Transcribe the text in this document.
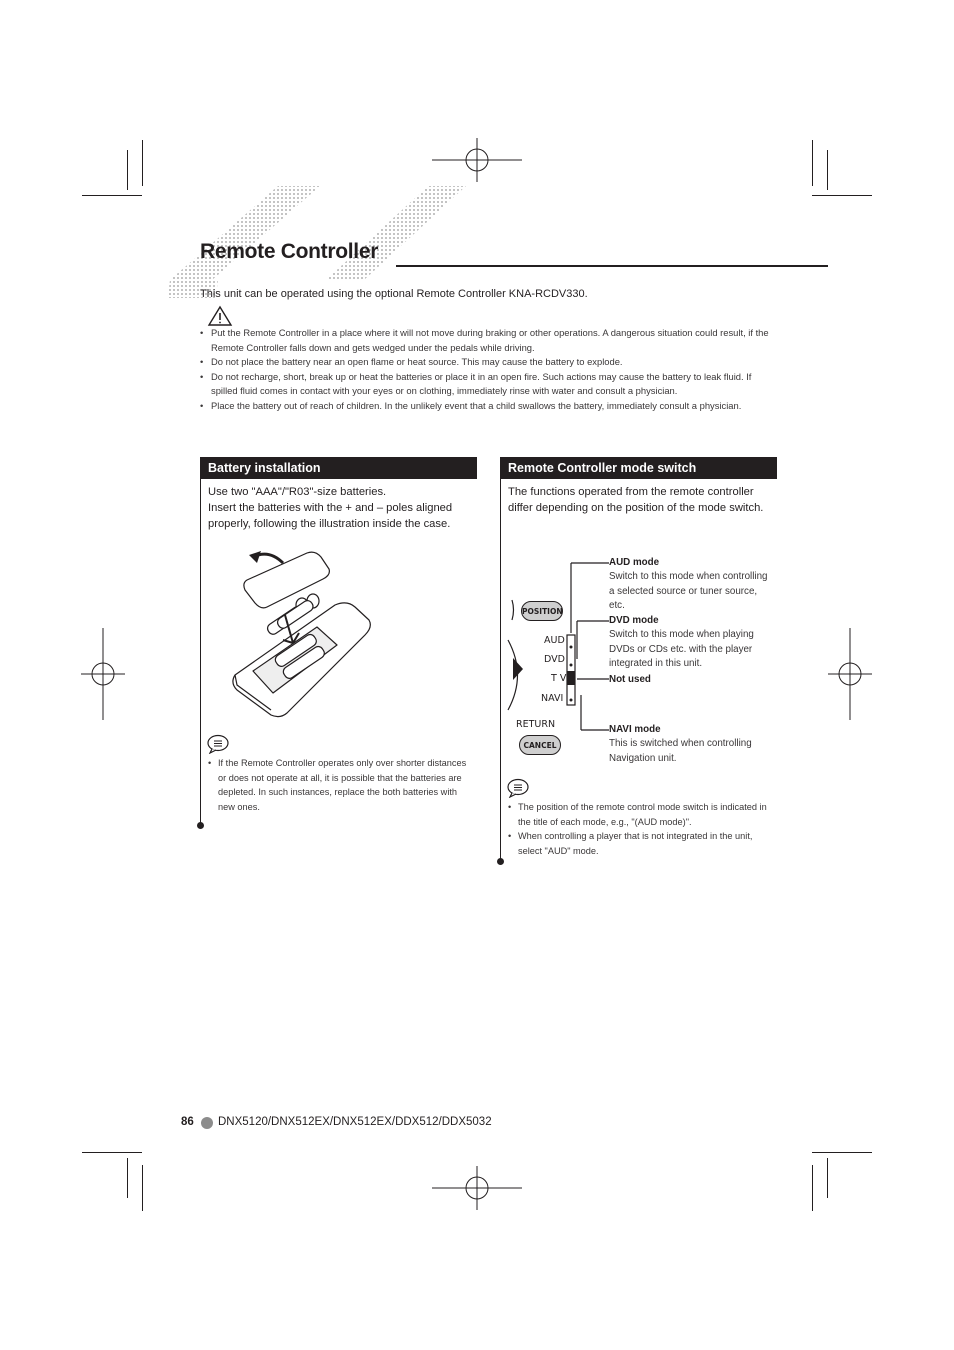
Remote Controller
This unit can be operated using the optional Remote Controller KNA-RCDV330.
• Put the Remote Controller in a place where it will not move during braking or other operations. A dangerous situation could result, if the Remote Controller falls down and gets wedged under the pedals while driving.
• Do not place the battery near an open flame or heat source. This may cause the battery to explode.
• Do not recharge, short, break up or heat the batteries or place it in an open fire. Such actions may cause the battery to leak fluid. If spilled fluid comes in contact with your eyes or on clothing, immediately rinse with water and consult a physician.
• Place the battery out of reach of children. In the unlikely event that a child swallows the battery, immediately consult a physician.
Battery installation
Use two "AAA"/"R03"-size batteries.
Insert the batteries with the + and – poles aligned properly, following the illustration inside the case.
• If the Remote Controller operates only over shorter distances or does not operate at all, it is possible that the batteries are depleted. In such instances, replace the both batteries with new ones.
Remote Controller mode switch
The functions operated from the remote controller differ depending on the position of the mode switch.
POSITION
CANCEL
RETURN
AUD
DVD
T V
NAVI
AUD mode
Switch to this mode when controlling a selected source or tuner source, etc.
DVD mode
Switch to this mode when playing DVDs or CDs etc. with the player integrated in this unit.
Not used
NAVI mode
This is switched when controlling Navigation unit.
• The position of the remote control mode switch is indicated in the title of each mode, e.g., "(AUD mode)".
• When controlling a player that is not integrated in the unit, select "AUD" mode.
86 DNX5120/DNX512EX/DNX512EX/DDX512/DDX5032
